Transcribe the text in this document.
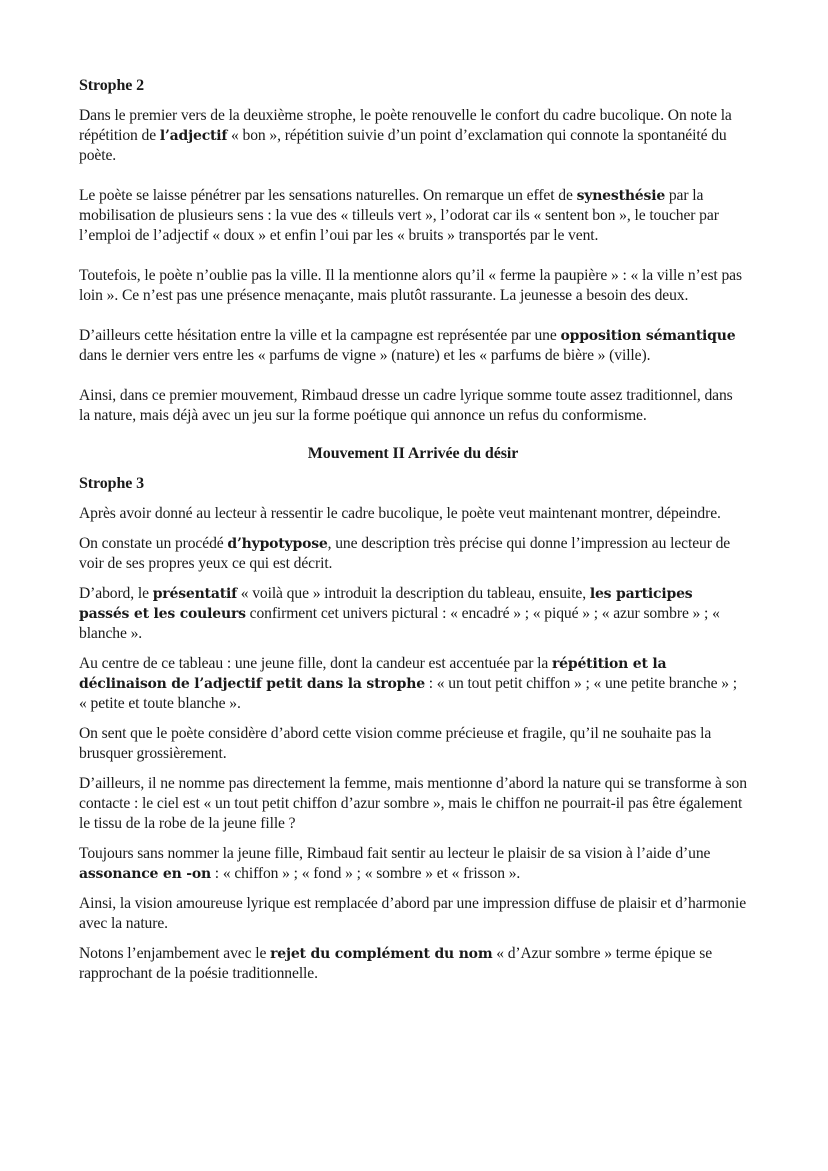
Strophe 2

Dans le premier vers de la deuxième strophe, le poète renouvelle le confort du cadre bucolique. On note la répétition de l’adjectif « bon », répétition suivie d’un point d’exclamation qui connote la spontanéité du poète.

Le poète se laisse pénétrer par les sensations naturelles. On remarque un effet de synesthésie par la mobilisation de plusieurs sens : la vue des « tilleuls vert », l’odorat car ils « sentent bon », le toucher par l’emploi de l’adjectif « doux » et enfin l’oui par les « bruits » transportés par le vent.

Toutefois, le poète n’oublie pas la ville. Il la mentionne alors qu’il « ferme la paupière » : « la ville n’est pas loin ». Ce n’est pas une présence menaçante, mais plutôt rassurante. La jeunesse a besoin des deux.

D’ailleurs cette hésitation entre la ville et la campagne est représentée par une opposition sémantique dans le dernier vers entre les « parfums de vigne » (nature) et les « parfums de bière » (ville).

Ainsi, dans ce premier mouvement, Rimbaud dresse un cadre lyrique somme toute assez traditionnel, dans la nature, mais déjà avec un jeu sur la forme poétique qui annonce un refus du conformisme.

Mouvement II Arrivée du désir
Strophe 3

Après avoir donné au lecteur à ressentir le cadre bucolique, le poète veut maintenant montrer, dépeindre.

On constate un procédé d’hypotypose, une description très précise qui donne l’impression au lecteur de voir de ses propres yeux ce qui est décrit.

D’abord, le présentatif « voilà que » introduit la description du tableau, ensuite, les participes passés et les couleurs confirment cet univers pictural : « encadré » ; « piqué » ; « azur sombre » ; « blanche ».

Au centre de ce tableau : une jeune fille, dont la candeur est accentuée par la répétition et la déclinaison de l’adjectif petit dans la strophe : « un tout petit chiffon » ; « une petite branche » ; « petite et toute blanche ».

On sent que le poète considère d’abord cette vision comme précieuse et fragile, qu’il ne souhaite pas la brusquer grossièrement.

D’ailleurs, il ne nomme pas directement la femme, mais mentionne d’abord la nature qui se transforme à son contacte : le ciel est « un tout petit chiffon d’azur sombre », mais le chiffon ne pourrait-il pas être également le tissu de la robe de la jeune fille ?

Toujours sans nommer la jeune fille, Rimbaud fait sentir au lecteur le plaisir de sa vision à l’aide d’une assonance en -on : « chiffon » ; « fond » ; « sombre » et « frisson ».

Ainsi, la vision amoureuse lyrique est remplacée d’abord par une impression diffuse de plaisir et d’harmonie avec la nature.

Notons l’enjambement avec le rejet du complément du nom « d’Azur sombre » terme épique se rapprochant de la poésie traditionnelle.
